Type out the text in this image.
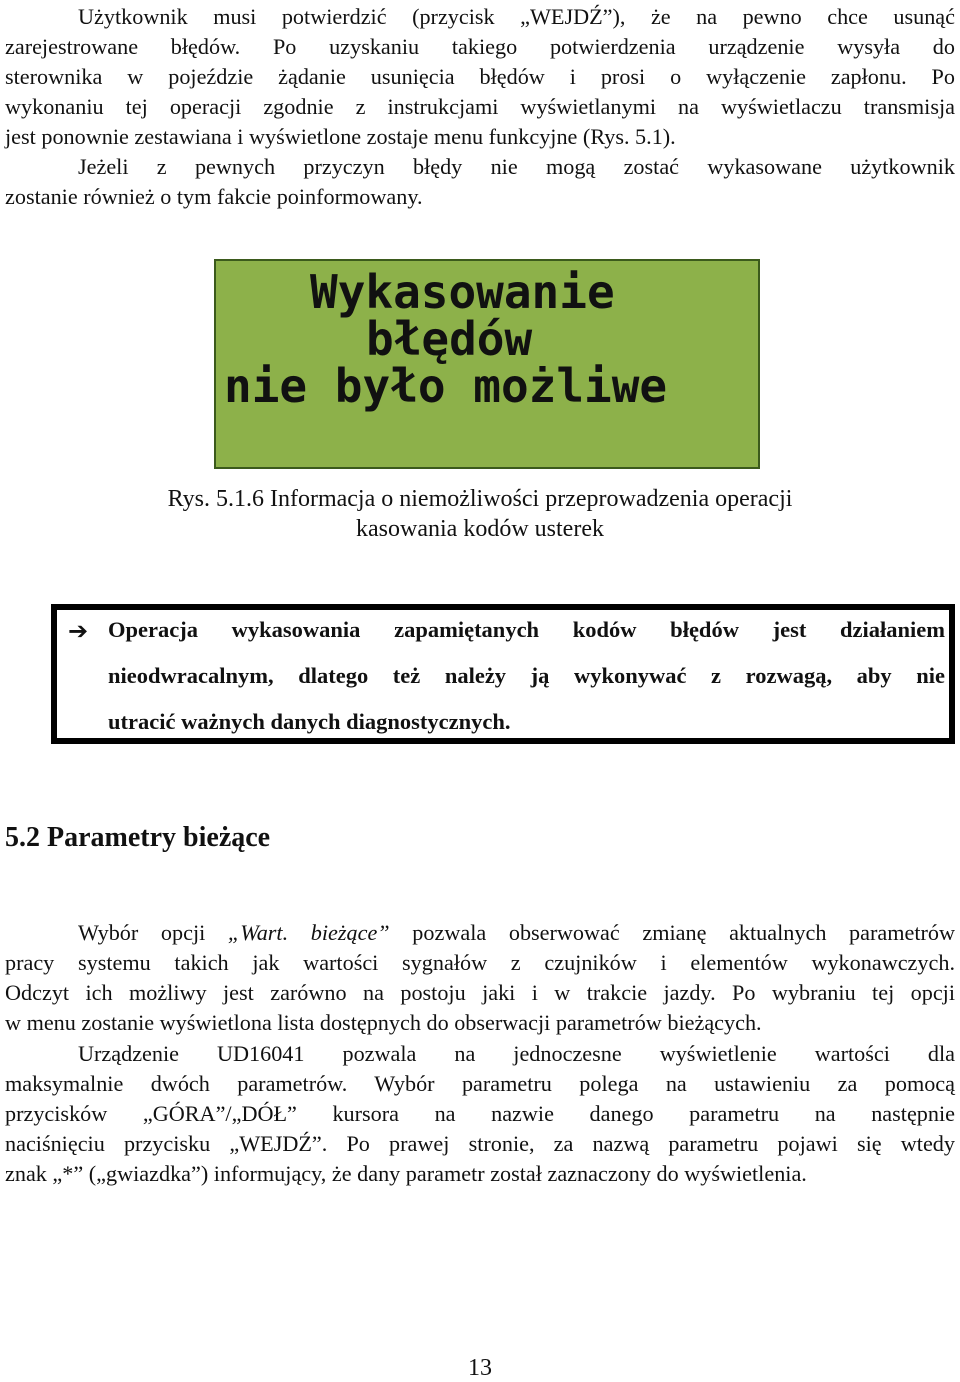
Użytkownik musi potwierdzić (przycisk „WEJDŹ”), że na pewno chce usunąć
zarejestrowane błędów. Po uzyskaniu takiego potwierdzenia urządzenie wysyła do
sterownika w pojeździe żądanie usunięcia błędów i prosi o wyłączenie zapłonu. Po
wykonaniu tej operacji zgodnie z instrukcjami wyświetlanymi na wyświetlaczu transmisja
jest ponownie zestawiana i wyświetlone zostaje menu funkcyjne (Rys. 5.1).
Jeżeli z pewnych przyczyn błędy nie mogą zostać wykasowane użytkownik
zostanie również o tym fakcie poinformowany.
Wykasowanie
błędów
nie było możliwe
Rys. 5.1.6 Informacja o niemożliwości przeprowadzenia operacji
kasowania kodów usterek
➔ Operacja wykasowania zapamiętanych kodów błędów jest działaniem
nieodwracalnym, dlatego też należy ją wykonywać z rozwagą, aby nie
utracić ważnych danych diagnostycznych.
5.2 Parametry bieżące
Wybór opcji „Wart. bieżące” pozwala obserwować zmianę aktualnych parametrów
pracy systemu takich jak wartości sygnałów z czujników i elementów wykonawczych.
Odczyt ich możliwy jest zarówno na postoju jaki i w trakcie jazdy. Po wybraniu tej opcji
w menu zostanie wyświetlona lista dostępnych do obserwacji parametrów bieżących.
Urządzenie UD16041 pozwala na jednoczesne wyświetlenie wartości dla
maksymalnie dwóch parametrów. Wybór parametru polega na ustawieniu za pomocą
przycisków „GÓRA”/„DÓŁ” kursora na nazwie danego parametru na następnie
naciśnięciu przycisku „WEJDŹ”. Po prawej stronie, za nazwą parametru pojawi się wtedy
znak „*” („gwiazdka”) informujący, że dany parametr został zaznaczony do wyświetlenia.
13
